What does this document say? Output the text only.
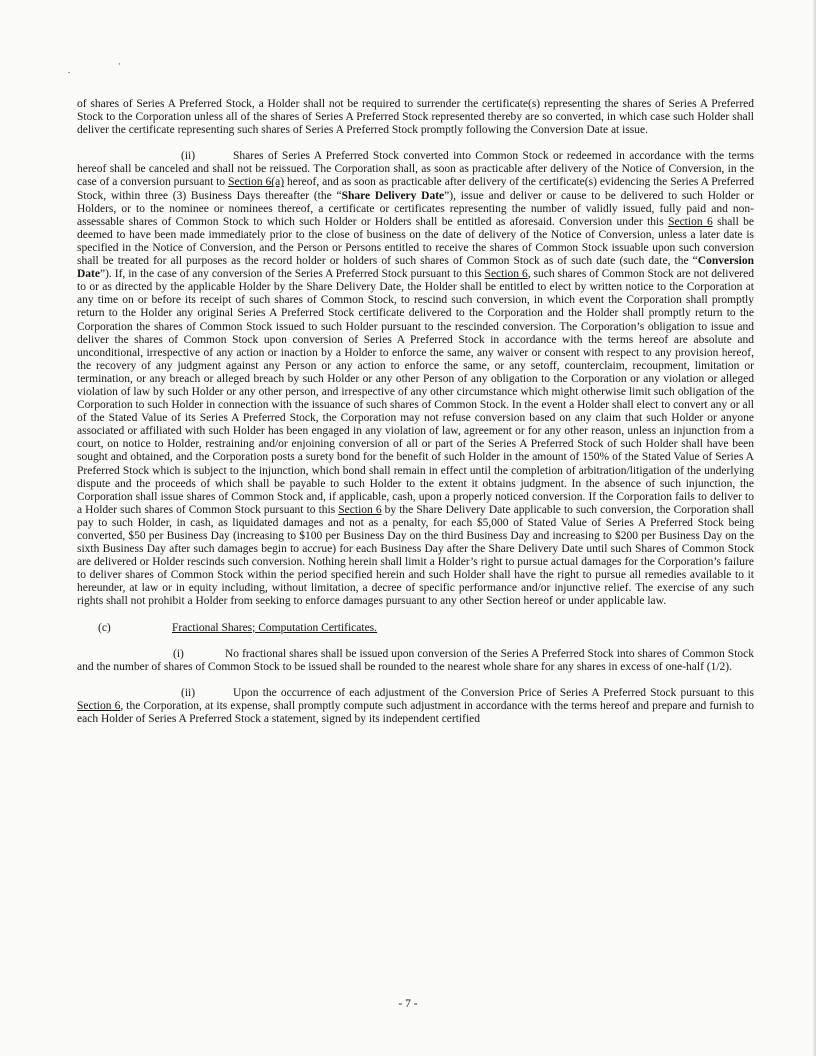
.
·

of shares of Series A Preferred Stock, a Holder shall not be required to surrender the certificate(s) representing the shares of Series A Preferred Stock to the Corporation unless all of the shares of Series A Preferred Stock represented thereby are so converted, in which case such Holder shall deliver the certificate representing such shares of Series A Preferred Stock promptly following the Conversion Date at issue.

(ii)	Shares of Series A Preferred Stock converted into Common Stock or redeemed in accordance with the terms hereof shall be canceled and shall not be reissued. The Corporation shall, as soon as practicable after delivery of the Notice of Conversion, in the case of a conversion pursuant to Section 6(a) hereof, and as soon as practicable after delivery of the certificate(s) evidencing the Series A Preferred Stock, within three (3) Business Days thereafter (the “Share Delivery Date”), issue and deliver or cause to be delivered to such Holder or Holders, or to the nominee or nominees thereof, a certificate or certificates representing the number of validly issued, fully paid and non-assessable shares of Common Stock to which such Holder or Holders shall be entitled as aforesaid. Conversion under this Section 6 shall be deemed to have been made immediately prior to the close of business on the date of delivery of the Notice of Conversion, unless a later date is specified in the Notice of Conversion, and the Person or Persons entitled to receive the shares of Common Stock issuable upon such conversion shall be treated for all purposes as the record holder or holders of such shares of Common Stock as of such date (such date, the “Conversion Date”). If, in the case of any conversion of the Series A Preferred Stock pursuant to this Section 6, such shares of Common Stock are not delivered to or as directed by the applicable Holder by the Share Delivery Date, the Holder shall be entitled to elect by written notice to the Corporation at any time on or before its receipt of such shares of Common Stock, to rescind such conversion, in which event the Corporation shall promptly return to the Holder any original Series A Preferred Stock certificate delivered to the Corporation and the Holder shall promptly return to the Corporation the shares of Common Stock issued to such Holder pursuant to the rescinded conversion. The Corporation’s obligation to issue and deliver the shares of Common Stock upon conversion of Series A Preferred Stock in accordance with the terms hereof are absolute and unconditional, irrespective of any action or inaction by a Holder to enforce the same, any waiver or consent with respect to any provision hereof, the recovery of any judgment against any Person or any action to enforce the same, or any setoff, counterclaim, recoupment, limitation or termination, or any breach or alleged breach by such Holder or any other Person of any obligation to the Corporation or any violation or alleged violation of law by such Holder or any other person, and irrespective of any other circumstance which might otherwise limit such obligation of the Corporation to such Holder in connection with the issuance of such shares of Common Stock. In the event a Holder shall elect to convert any or all of the Stated Value of its Series A Preferred Stock, the Corporation may not refuse conversion based on any claim that such Holder or anyone associated or affiliated with such Holder has been engaged in any violation of law, agreement or for any other reason, unless an injunction from a court, on notice to Holder, restraining and/or enjoining conversion of all or part of the Series A Preferred Stock of such Holder shall have been sought and obtained, and the Corporation posts a surety bond for the benefit of such Holder in the amount of 150% of the Stated Value of Series A Preferred Stock which is subject to the injunction, which bond shall remain in effect until the completion of arbitration/litigation of the underlying dispute and the proceeds of which shall be payable to such Holder to the extent it obtains judgment. In the absence of such injunction, the Corporation shall issue shares of Common Stock and, if applicable, cash, upon a properly noticed conversion. If the Corporation fails to deliver to a Holder such shares of Common Stock pursuant to this Section 6 by the Share Delivery Date applicable to such conversion, the Corporation shall pay to such Holder, in cash, as liquidated damages and not as a penalty, for each $5,000 of Stated Value of Series A Preferred Stock being converted, $50 per Business Day (increasing to $100 per Business Day on the third Business Day and increasing to $200 per Business Day on the sixth Business Day after such damages begin to accrue) for each Business Day after the Share Delivery Date until such Shares of Common Stock are delivered or Holder rescinds such conversion. Nothing herein shall limit a Holder’s right to pursue actual damages for the Corporation’s failure to deliver shares of Common Stock within the period specified herein and such Holder shall have the right to pursue all remedies available to it hereunder, at law or in equity including, without limitation, a decree of specific performance and/or injunctive relief. The exercise of any such rights shall not prohibit a Holder from seeking to enforce damages pursuant to any other Section hereof or under applicable law.

(c)	Fractional Shares; Computation Certificates.

(i)	No fractional shares shall be issued upon conversion of the Series A Preferred Stock into shares of Common Stock and the number of shares of Common Stock to be issued shall be rounded to the nearest whole share for any shares in excess of one-half (1/2).

(ii)	Upon the occurrence of each adjustment of the Conversion Price of Series A Preferred Stock pursuant to this Section 6, the Corporation, at its expense, shall promptly compute such adjustment in accordance with the terms hereof and prepare and furnish to each Holder of Series A Preferred Stock a statement, signed by its independent certified

- 7 -
